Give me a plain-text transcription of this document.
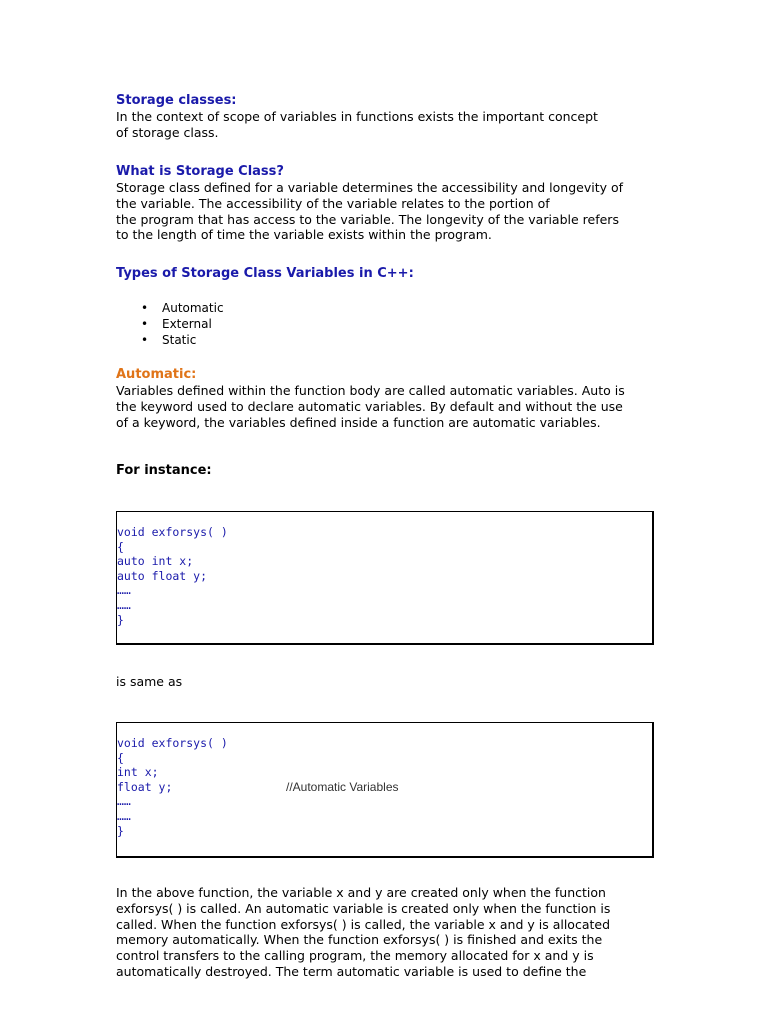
Storage classes:

In the context of scope of variables in functions exists the important concept

of storage class.

What is Storage Class?

Storage class defined for a variable determines the accessibility and longevity of

the variable. The accessibility of the variable relates to the portion of

the program that has access to the variable. The longevity of the variable refers

to the length of time the variable exists within the program.

Types of Storage Class Variables in C++:

• Automatic
• External
• Static

Automatic:

Variables defined within the function body are called automatic variables. Auto is

the keyword used to declare automatic variables. By default and without the use

of a keyword, the variables defined inside a function are automatic variables.

For instance:

void exforsys( )
{
auto int x;
auto float y;
……
……
}

is same as

void exforsys( )
{
int x;
float y;
……
……
}
//Automatic Variables

In the above function, the variable x and y are created only when the function

exforsys( ) is called. An automatic variable is created only when the function is

called. When the function exforsys( ) is called, the variable x and y is allocated

memory automatically. When the function exforsys( ) is finished and exits the

control transfers to the calling program, the memory allocated for x and y is

automatically destroyed. The term automatic variable is used to define the
